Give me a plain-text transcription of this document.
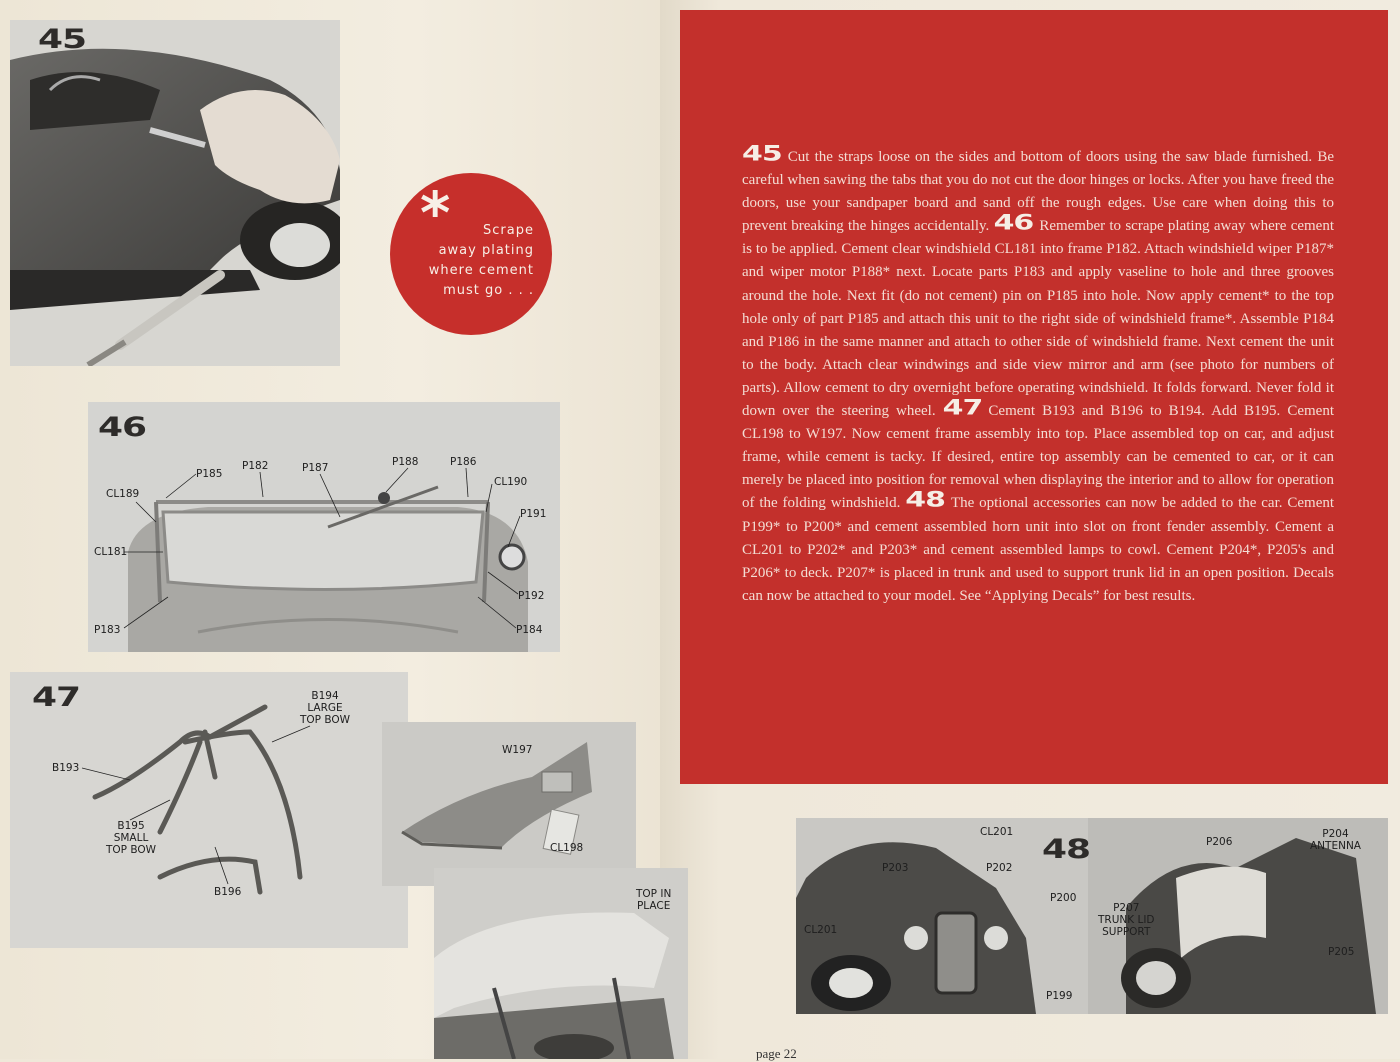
45
*	Scrape
away plating
where cement
must go . . .
46
P185
P182	P187	P188	P186
CL189
CL190
P191
CL181
P192
P183	P184
47	B194
LARGE
TOP BOW
B193
B195
SMALL
TOP BOW
B196
W197
CL198
TOP IN
PLACE
45 Cut the straps loose on the sides and bottom of doors using the saw blade furnished. Be careful when sawing the tabs that you do not cut the door hinges or locks. After you have freed the doors, use your sandpaper board and sand off the rough edges. Use care when doing this to prevent breaking the hinges accidentally. 46 Remember to scrape plating away where cement is to be applied. Cement clear windshield CL181 into frame P182. Attach windshield wiper P187* and wiper motor P188* next. Locate parts P183 and apply vaseline to hole and three grooves around the hole. Next fit (do not cement) pin on P185 into hole. Now apply cement* to the top hole only of part P185 and attach this unit to the right side of windshield frame*. Assemble P184 and P186 in the same manner and attach to other side of windshield frame. Next cement the unit to the body. Attach clear windwings and side view mirror and arm (see photo for numbers of parts). Allow cement to dry overnight before operating windshield. It folds forward. Never fold it down over the steering wheel. 47 Cement B193 and B196 to B194. Add B195. Cement CL198 to W197. Now cement frame assembly into top. Place assembled top on car, and adjust frame, while cement is tacky. If desired, entire top assembly can be cemented to car, or it can merely be placed into position for removal when displaying the interior and to allow for operation of the folding windshield. 48 The optional accessories can now be added to the car. Cement P199* to P200* and cement assembled horn unit into slot on front fender assembly. Cement a CL201 to P202* and P203* and cement assembled lamps to cowl. Cement P204*, P205's and P206* to deck. P207* is placed in trunk and used to support trunk lid in an open position. Decals can now be attached to your model. See “Applying Decals” for best results.
48
CL201
P202
P203
P200
CL201
P199
P206
P204
ANTENNA
P207
TRUNK LID
SUPPORT
P205
page 22
